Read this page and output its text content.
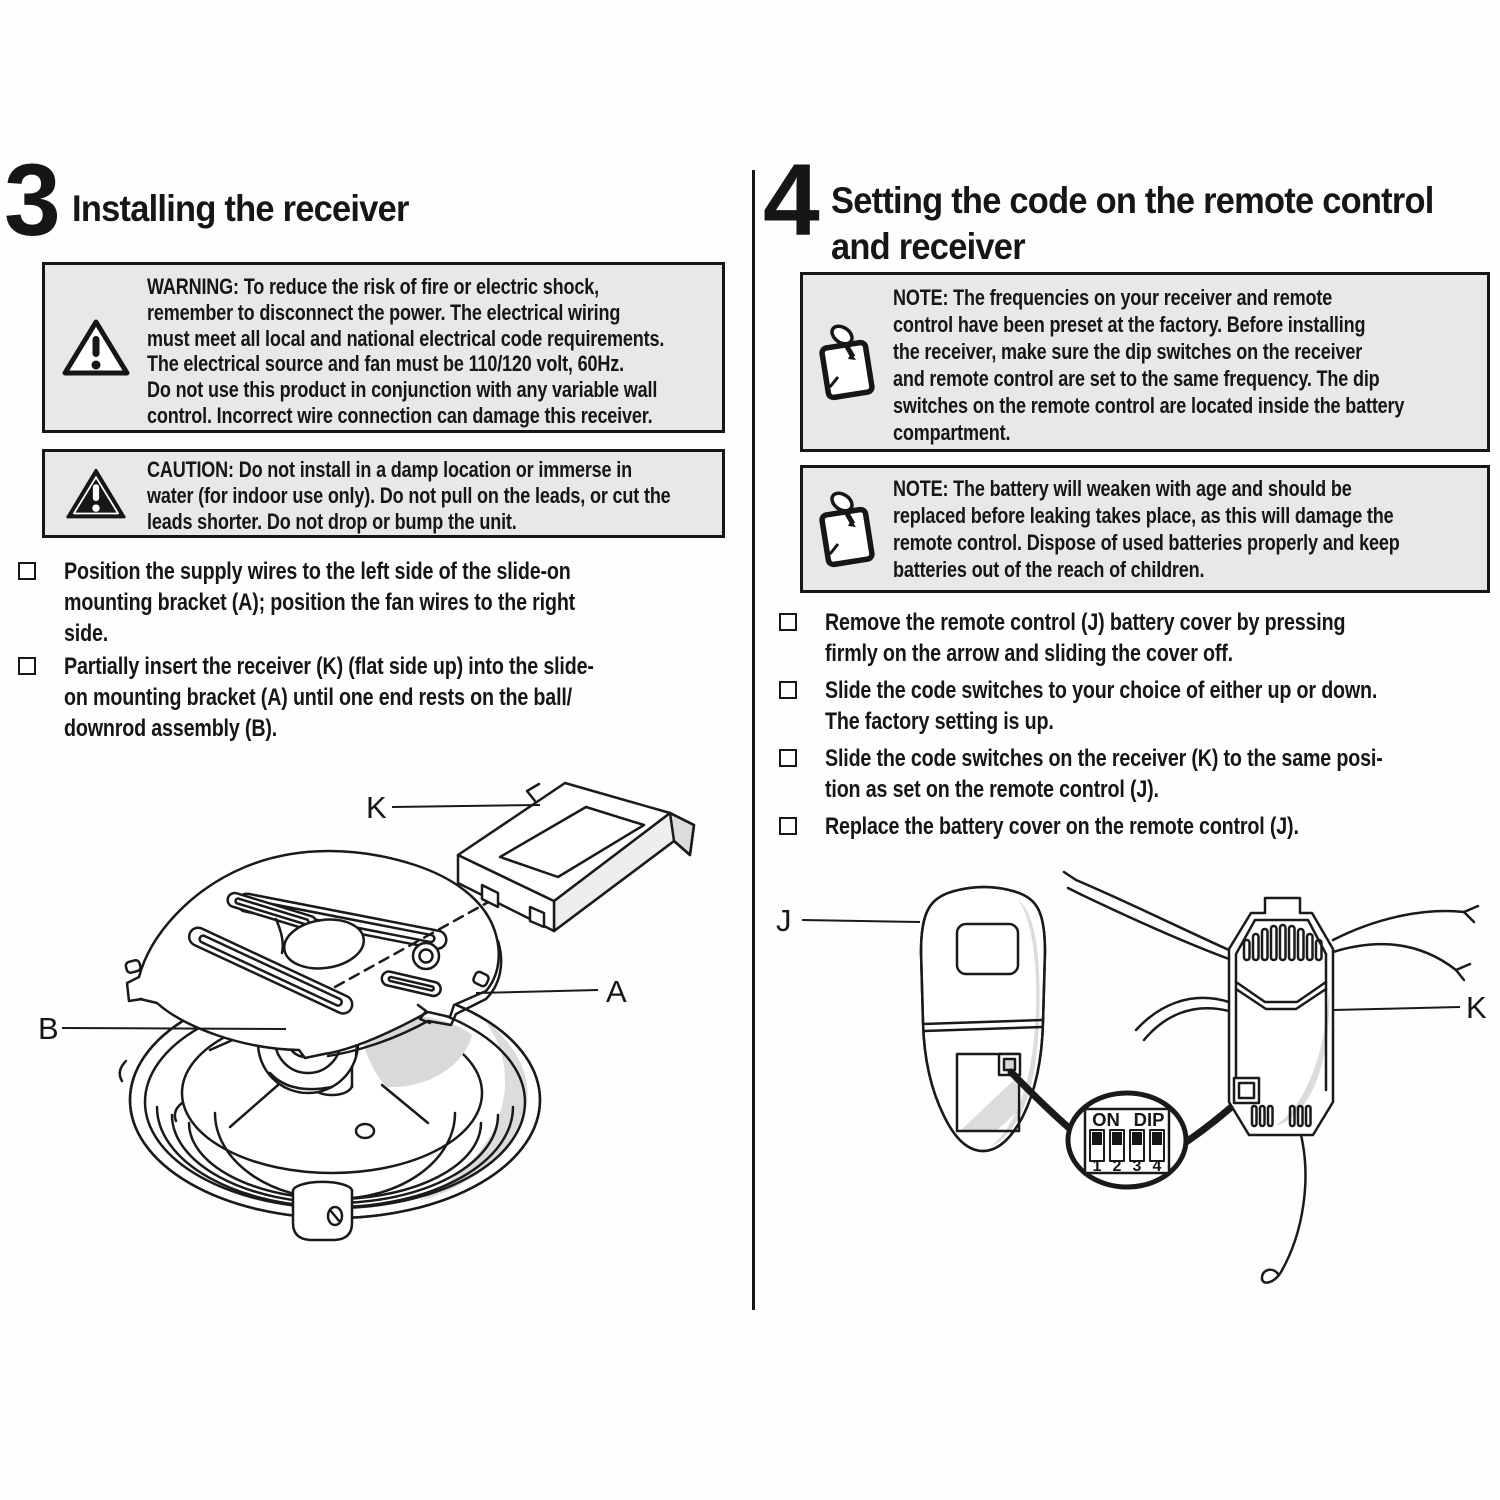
3 Installing the receiver
WARNING: To reduce the risk of fire or electric shock,
remember to disconnect the power. The electrical wiring
must meet all local and national electrical code requirements.
The electrical source and fan must be 110/120 volt, 60Hz.
Do not use this product in conjunction with any variable wall
control. Incorrect wire connection can damage this receiver.
CAUTION: Do not install in a damp location or immerse in
water (for indoor use only). Do not pull on the leads, or cut the
leads shorter. Do not drop or bump the unit.
Position the supply wires to the left side of the slide-on
mounting bracket (A); position the fan wires to the right
side.
Partially insert the receiver (K) (flat side up) into the slide-
on mounting bracket (A) until one end rests on the ball/
downrod assembly (B).
K
A
B
4 Setting the code on the remote control
and receiver
NOTE: The frequencies on your receiver and remote
control have been preset at the factory. Before installing
the receiver, make sure the dip switches on the receiver
and remote control are set to the same frequency. The dip
switches on the remote control are located inside the battery
compartment.
NOTE: The battery will weaken with age and should be
replaced before leaking takes place, as this will damage the
remote control. Dispose of used batteries properly and keep
batteries out of the reach of children.
Remove the remote control (J) battery cover by pressing
firmly on the arrow and sliding the cover off.
Slide the code switches to your choice of either up or down.
The factory setting is up.
Slide the code switches on the receiver (K) to the same posi-
tion as set on the remote control (J).
Replace the battery cover on the remote control (J).
J
K
ON DIP
1 2 3 4
